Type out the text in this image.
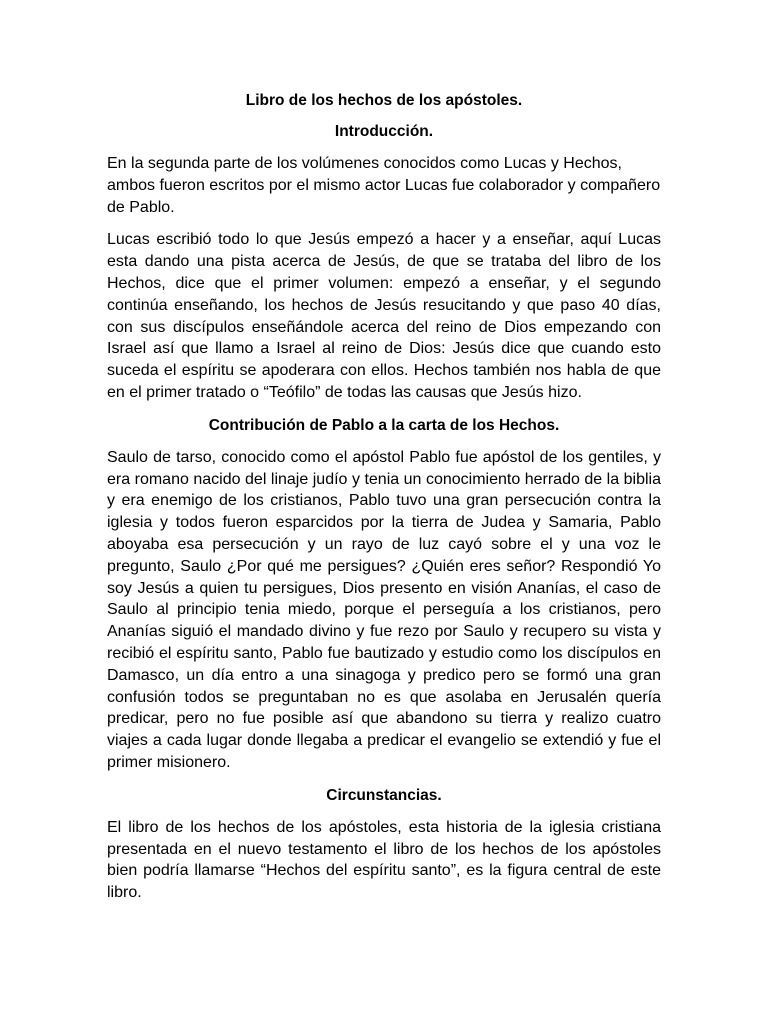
Libro de los hechos de los apóstoles.
Introducción.

En la segunda parte de los volúmenes conocidos como Lucas y Hechos, ambos fueron escritos por el mismo actor Lucas fue colaborador y compañero de Pablo.

Lucas escribió todo lo que Jesús empezó a hacer y a enseñar, aquí Lucas esta dando una pista acerca de Jesús, de que se trataba del libro de los Hechos, dice que el primer volumen: empezó a enseñar, y el segundo continúa enseñando, los hechos de Jesús resucitando y que paso 40 días, con sus discípulos enseñándole acerca del reino de Dios empezando con Israel así que llamo a Israel al reino de Dios: Jesús dice que cuando esto suceda el espíritu se apoderara con ellos. Hechos también nos habla de que en el primer tratado o “Teófilo” de todas las causas que Jesús hizo.

Contribución de Pablo a la carta de los Hechos.

Saulo de tarso, conocido como el apóstol Pablo fue apóstol de los gentiles, y era romano nacido del linaje judío y tenia un conocimiento herrado de la biblia y era enemigo de los cristianos, Pablo tuvo una gran persecución contra la iglesia y todos fueron esparcidos por la tierra de Judea y Samaria, Pablo aboyaba esa persecución y un rayo de luz cayó sobre el y una voz le pregunto, Saulo ¿Por qué me persigues? ¿Quién eres señor? Respondió Yo soy Jesús a quien tu persigues, Dios presento en visión Ananías, el caso de Saulo al principio tenia miedo, porque el perseguía a los cristianos, pero Ananías siguió el mandado divino y fue rezo por Saulo y recupero su vista y recibió el espíritu santo, Pablo fue bautizado y estudio como los discípulos en Damasco, un día entro a una sinagoga y predico pero se formó una gran confusión todos se preguntaban no es que asolaba en Jerusalén quería predicar, pero no fue posible así que abandono su tierra y realizo cuatro viajes a cada lugar donde llegaba a predicar el evangelio se extendió y fue el primer misionero.

Circunstancias.

El libro de los hechos de los apóstoles, esta historia de la iglesia cristiana presentada en el nuevo testamento el libro de los hechos de los apóstoles bien podría llamarse “Hechos del espíritu santo”, es la figura central de este libro.
